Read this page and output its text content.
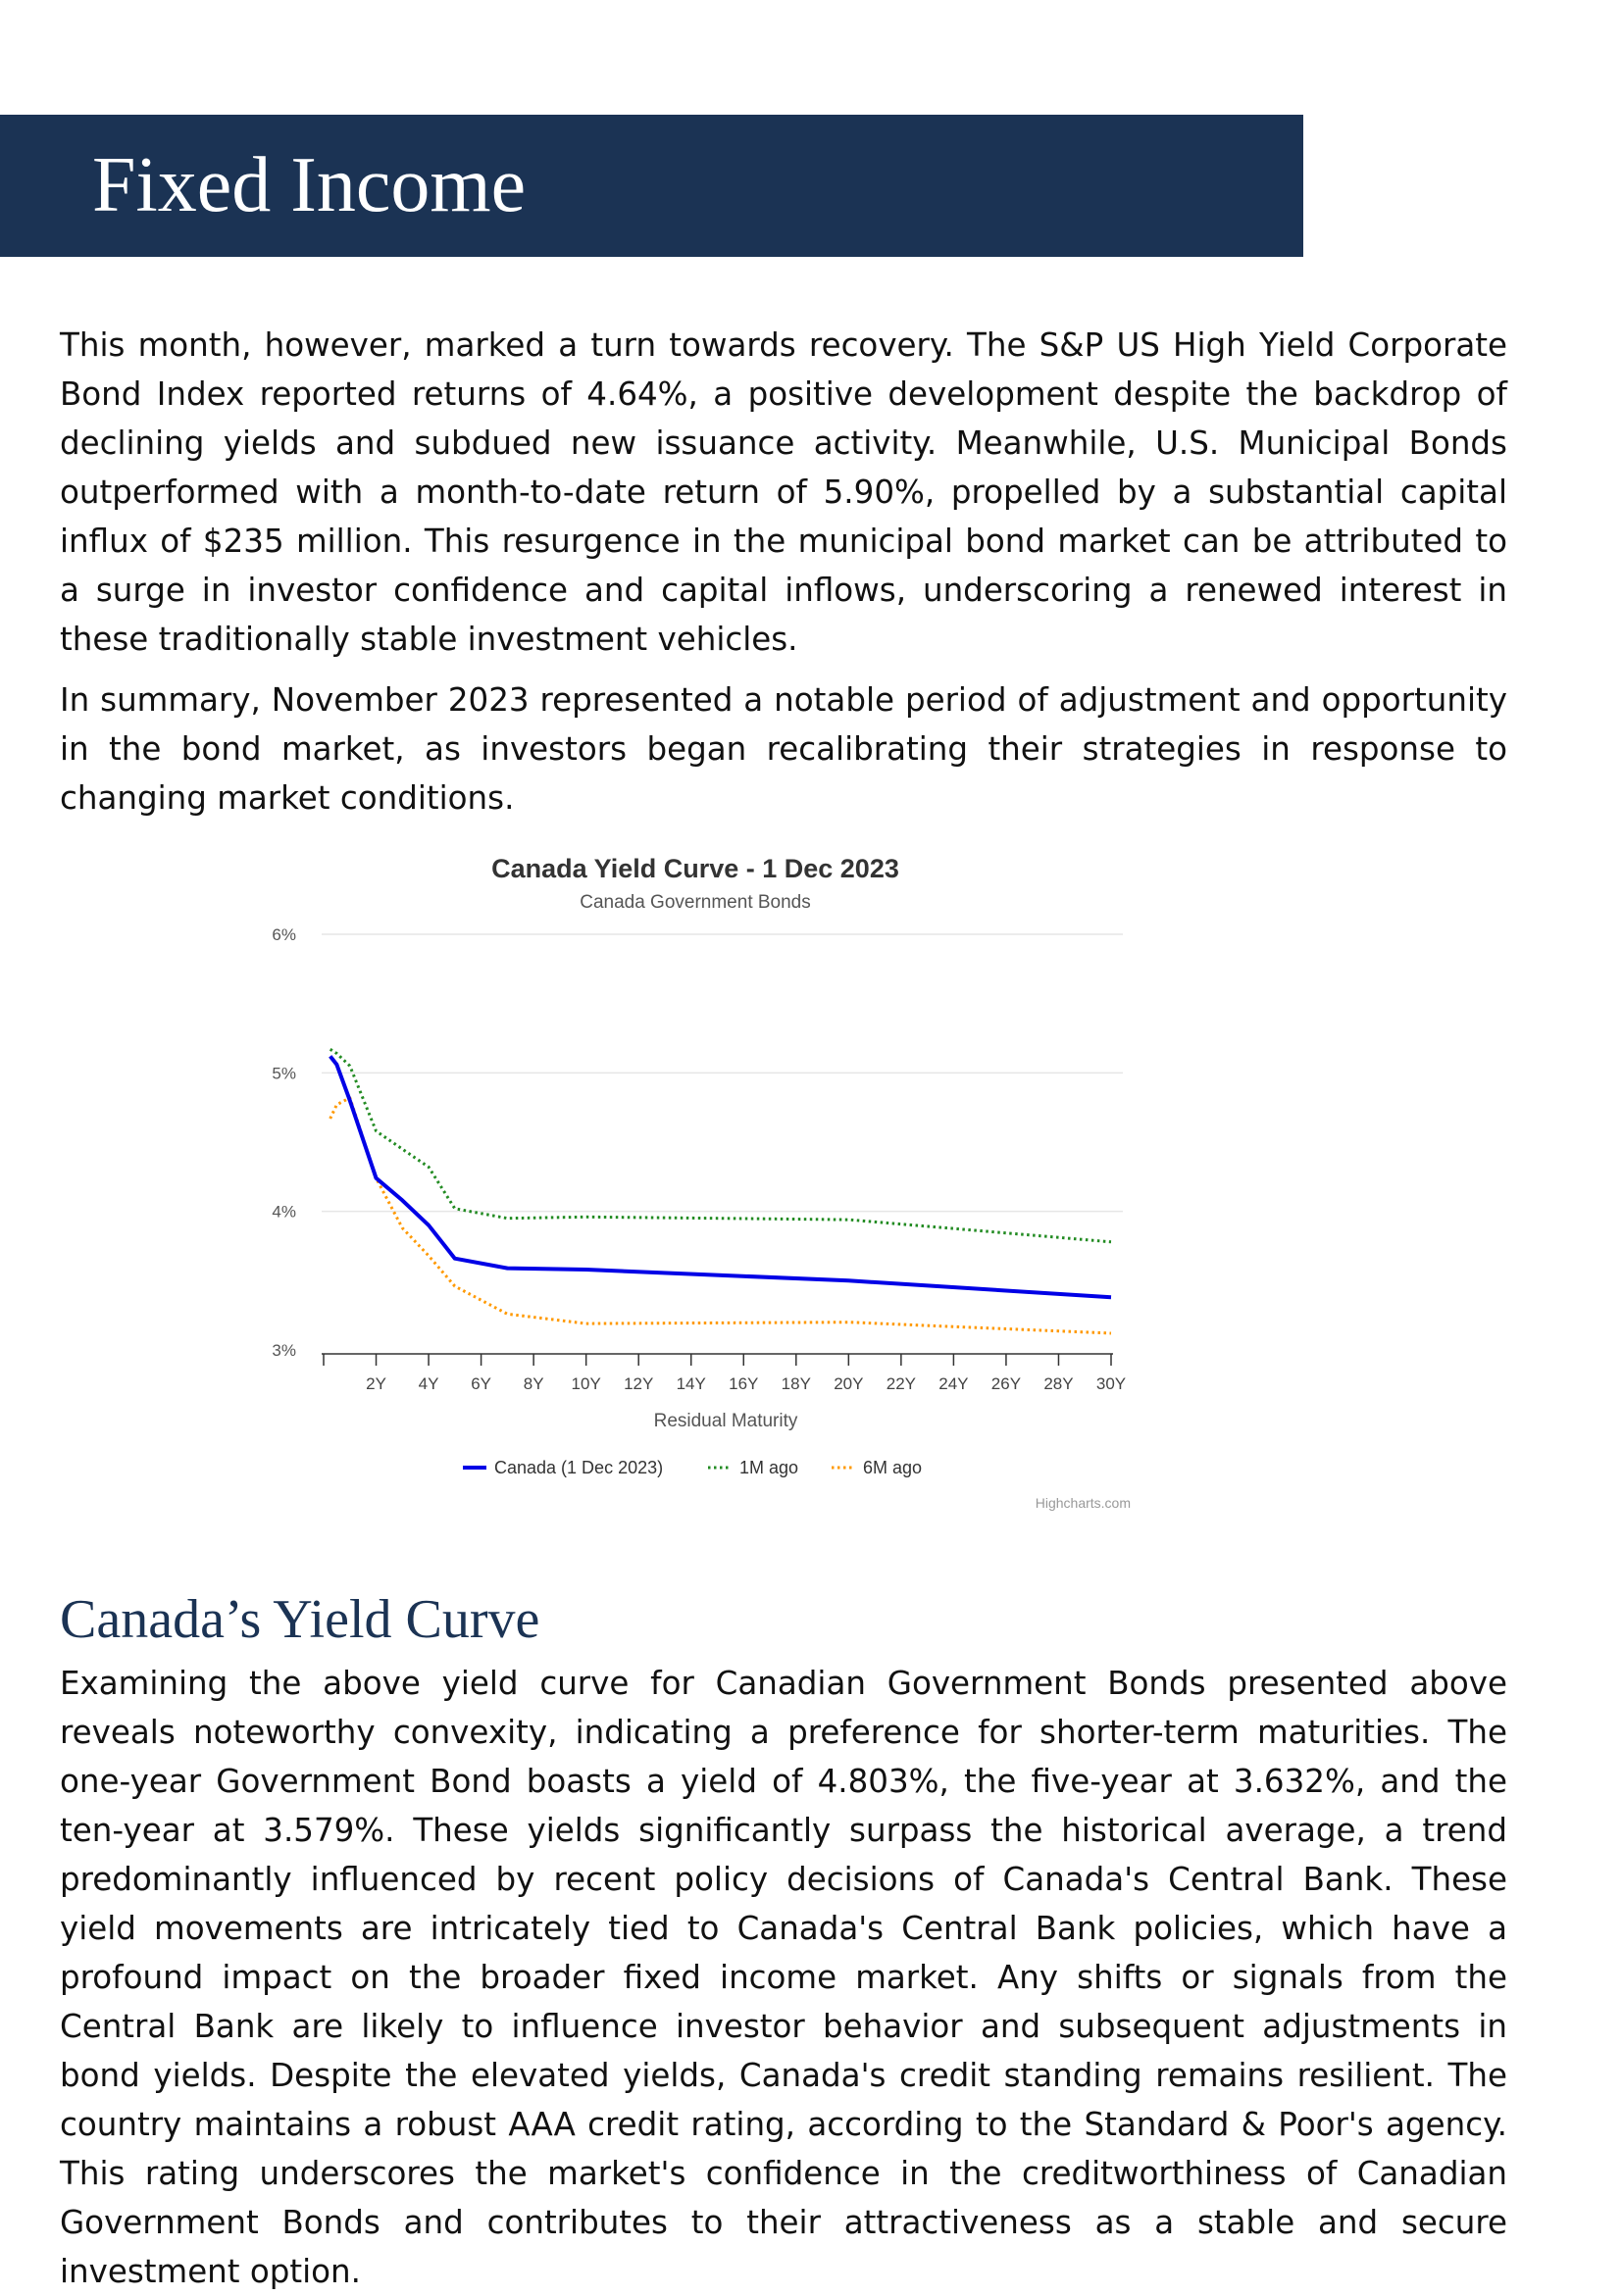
Fixed Income

This month, however, marked a turn towards recovery. The S&P US High Yield Corporate Bond Index reported returns of 4.64%, a positive development despite the backdrop of declining yields and subdued new issuance activity. Meanwhile, U.S. Municipal Bonds outperformed with a month-to-date return of 5.90%, propelled by a substantial capital influx of $235 million. This resurgence in the municipal bond market can be attributed to a surge in investor confidence and capital inflows, underscoring a renewed interest in these traditionally stable investment vehicles.

In summary, November 2023 represented a notable period of adjustment and opportunity in the bond market, as investors began recalibrating their strategies in response to changing market conditions.

Canada Yield Curve - 1 Dec 2023
Canada Government Bonds
3%
4%
5%
6%
2Y 4Y 6Y 8Y 10Y 12Y 14Y 16Y 18Y 20Y 22Y 24Y 26Y 28Y 30Y
Residual Maturity
Canada (1 Dec 2023)	1M ago	6M ago
Highcharts.com
Canada’s Yield Curve

Examining the above yield curve for Canadian Government Bonds presented above reveals noteworthy convexity, indicating a preference for shorter-term maturities. The one-year Government Bond boasts a yield of 4.803%, the five-year at 3.632%, and the ten-year at 3.579%. These yields significantly surpass the historical average, a trend predominantly influenced by recent policy decisions of Canada's Central Bank. These yield movements are intricately tied to Canada's Central Bank policies, which have a profound impact on the broader fixed income market. Any shifts or signals from the Central Bank are likely to influence investor behavior and subsequent adjustments in bond yields. Despite the elevated yields, Canada's credit standing remains resilient. The country maintains a robust AAA credit rating, according to the Standard & Poor's agency. This rating underscores the market's confidence in the creditworthiness of Canadian Government Bonds and contributes to their attractiveness as a stable and secure investment option.
